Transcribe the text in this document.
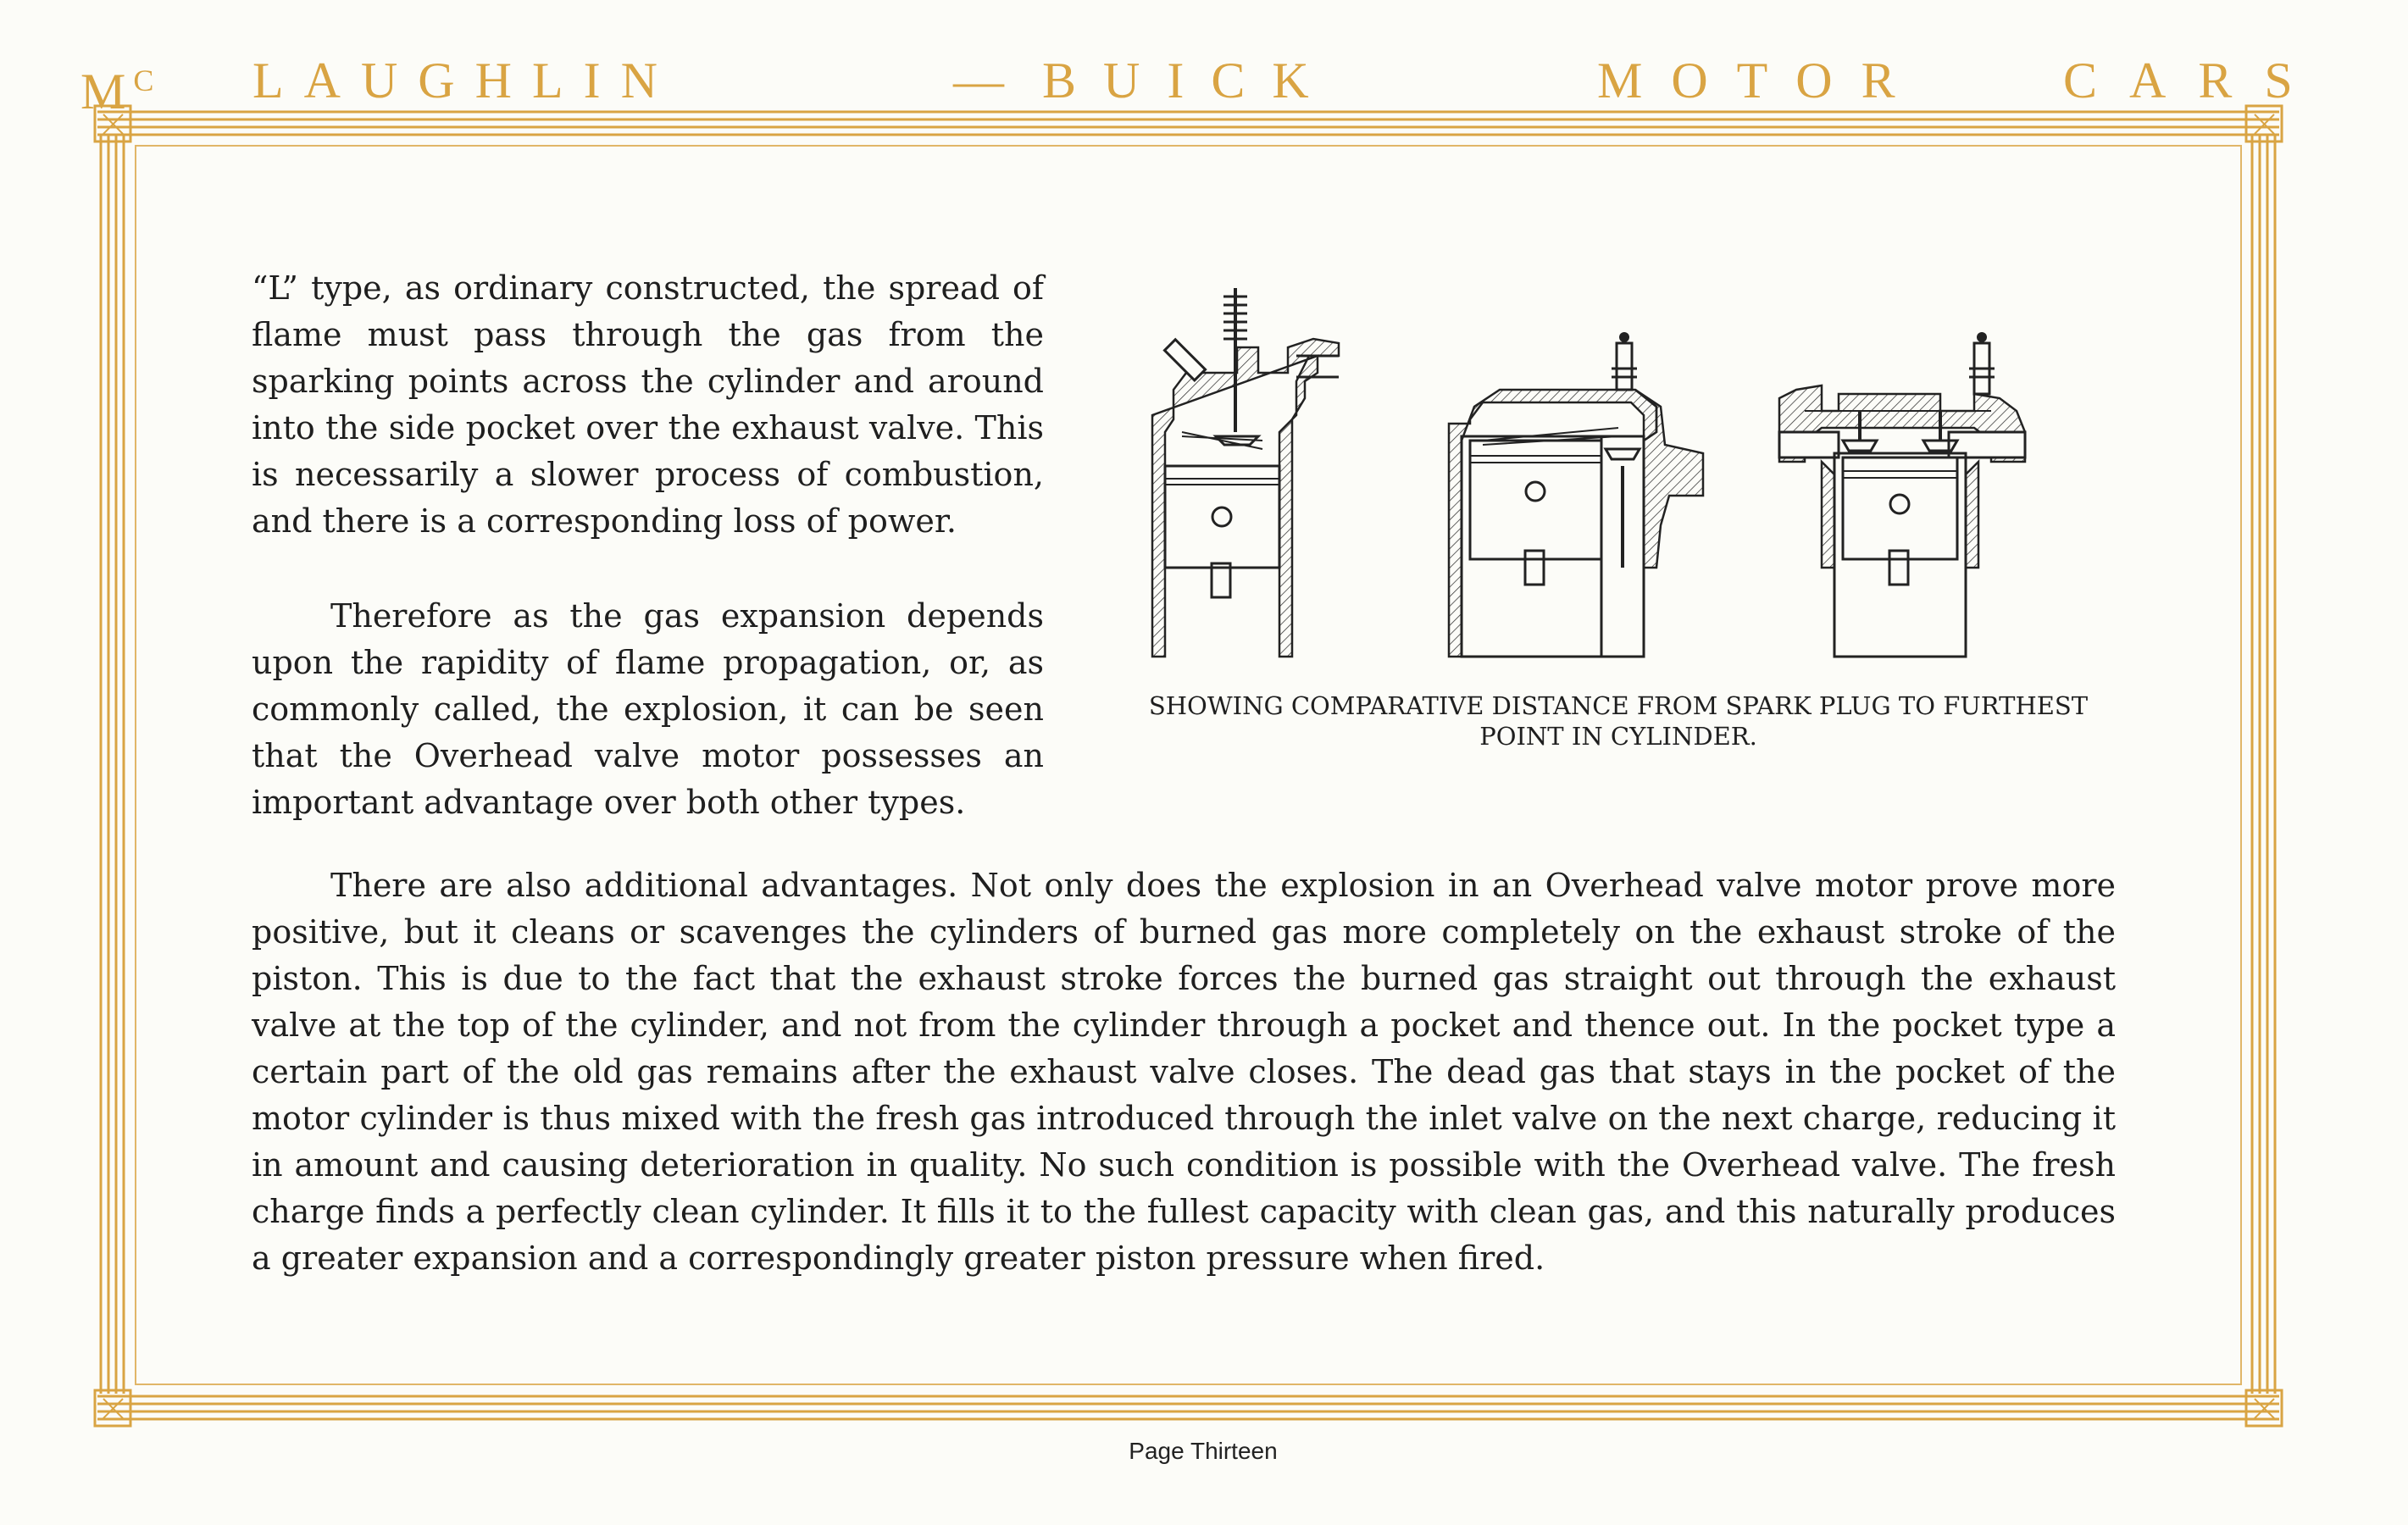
$M^C$ LAUGHLIN	— BUICK	MOTOR	CARS

“L” type, as ordinary constructed, the spread of flame must pass through the gas from the sparking points across the cylinder and around into the side pocket over the exhaust valve. This is necessarily a slower process of combustion, and there is a corresponding loss of power.

Therefore as the gas expansion depends upon the rapidity of flame propagation, or, as commonly called, the explosion, it can be seen that the Overhead valve motor possesses an important advantage over both other types.

There are also additional advantages. Not only does the explosion in an Overhead valve motor prove more positive, but it cleans or scavenges the cylinders of burned gas more completely on the exhaust stroke of the piston. This is due to the fact that the exhaust stroke forces the burned gas straight out through the exhaust valve at the top of the cylinder, and not from the cylinder through a pocket and thence out. In the pocket type a certain part of the old gas remains after the exhaust valve closes. The dead gas that stays in the pocket of the motor cylinder is thus mixed with the fresh gas introduced through the inlet valve on the next charge, reducing it in amount and causing deterioration in quality. No such condition is possible with the Overhead valve. The fresh charge finds a perfectly clean cylinder. It fills it to the fullest capacity with clean gas, and this naturally produces a greater expansion and a correspondingly greater piston pressure when fired.

SHOWING COMPARATIVE DISTANCE FROM SPARK PLUG TO FURTHEST POINT IN CYLINDER.
Page Thirteen
